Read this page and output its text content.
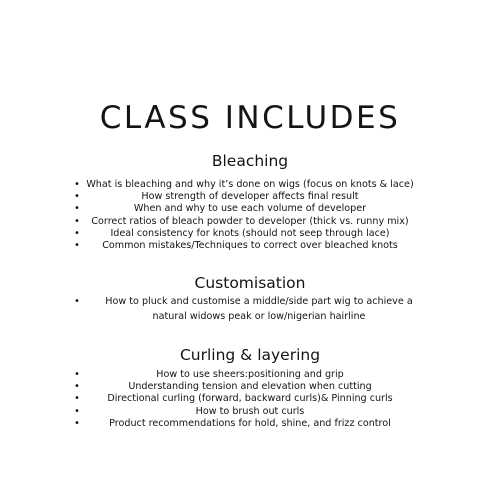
CLASS INCLUDES
Bleaching
• What is bleaching and why it’s done on wigs (focus on knots & lace)
•	How strength of developer affects final result
•	When and why to use each volume of developer
•	Correct ratios of bleach powder to developer (thick vs. runny mix)
•	Ideal consistency for knots (should not seep through lace)
•	Common mistakes/Techniques to correct over bleached knots
Customisation
•	How to pluck and customise a middle/side part wig to achieve a natural widows peak or low/nigerian hairline
Curling & layering
•	How to use sheers:positioning and grip
•	Understanding tension and elevation when cutting
•	Directional curling (forward, backward curls)& Pinning curls
•	How to brush out curls
•	Product recommendations for hold, shine, and frizz control
